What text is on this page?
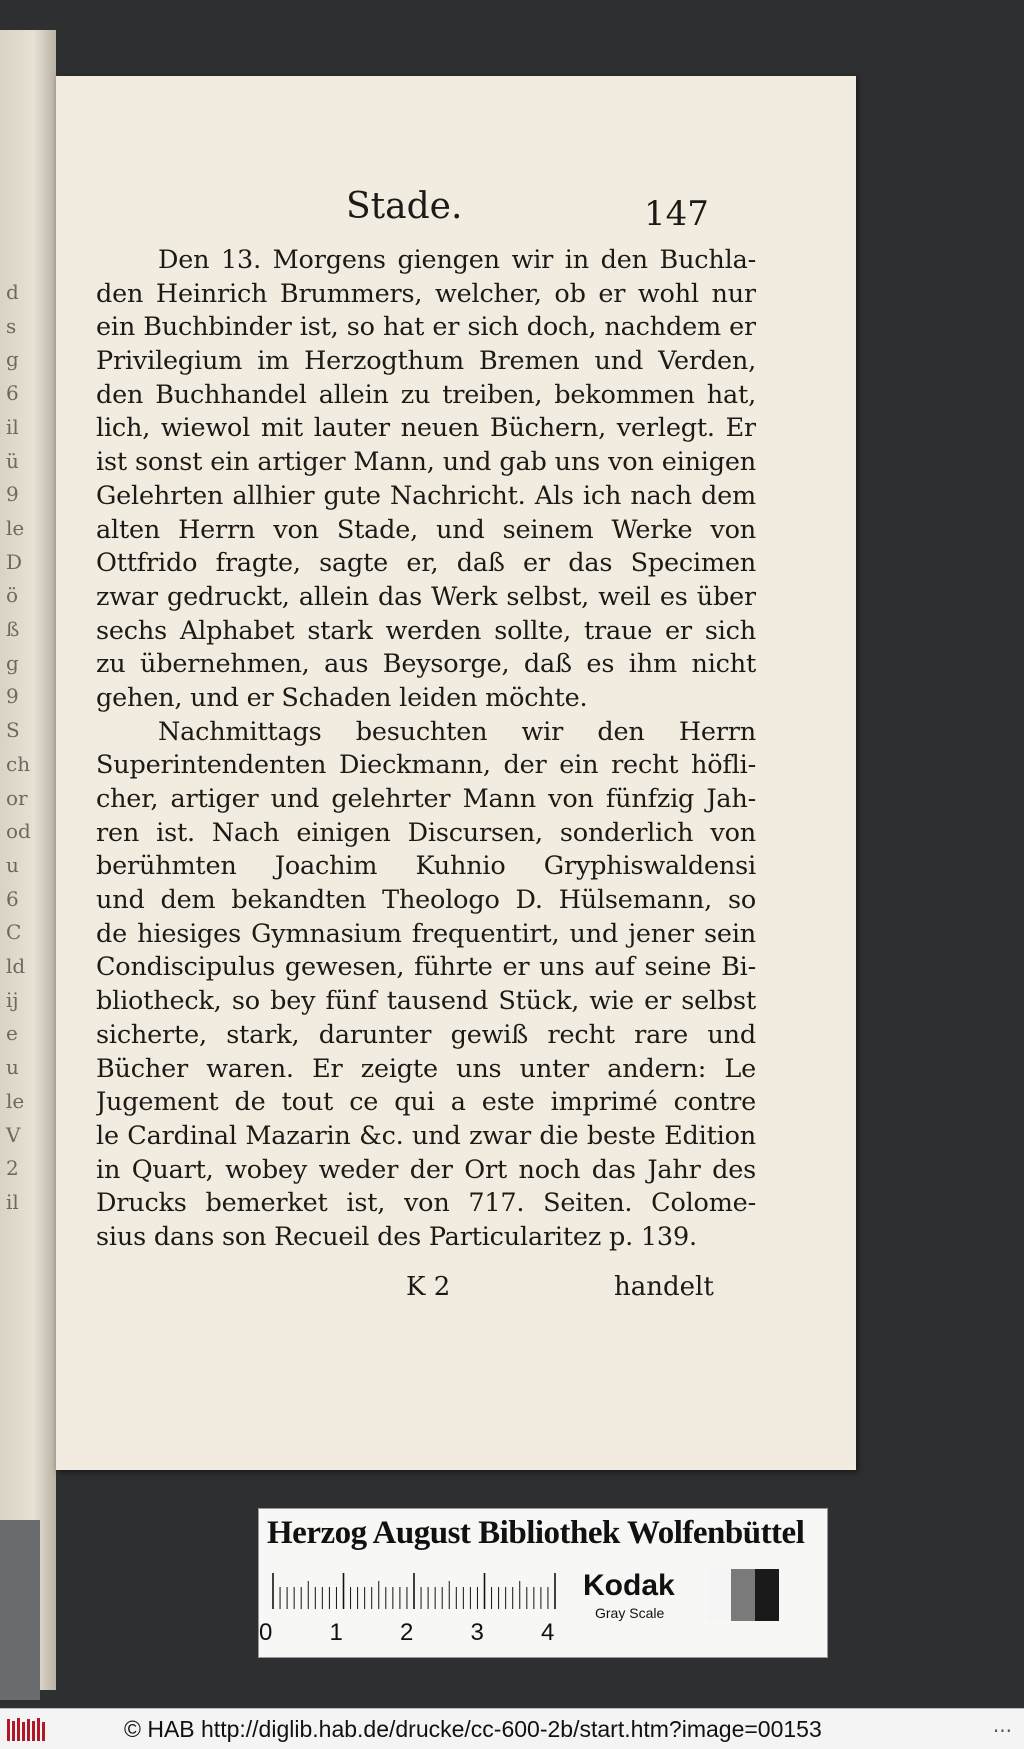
d
s
g
6
il
ü
9
le
D
ö
ß
g
9
S
ch
or
od
u
6
C
ld
ij
e
u
le
V
2
il
Stade.	147
Den 13. Morgens giengen wir in den Buchla-
den Heinrich Brummers, welcher, ob er wohl nur
ein Buchbinder ist, so hat er sich doch, nachdem er
Privilegium im Herzogthum Bremen und Verden,
den Buchhandel allein zu treiben, bekommen hat,
lich, wiewol mit lauter neuen Büchern, verlegt. Er
ist sonst ein artiger Mann, und gab uns von einigen
Gelehrten allhier gute Nachricht. Als ich nach dem
alten Herrn von Stade, und seinem Werke von
Ottfrido fragte, sagte er, daß er das Specimen
zwar gedruckt, allein das Werk selbst, weil es über
sechs Alphabet stark werden sollte, traue er sich
zu übernehmen, aus Beysorge, daß es ihm nicht
gehen, und er Schaden leiden möchte.
Nachmittags besuchten wir den Herrn
Superintendenten Dieckmann, der ein recht höfli-
cher, artiger und gelehrter Mann von fünfzig Jah-
ren ist. Nach einigen Discursen, sonderlich von
berühmten Joachim Kuhnio Gryphiswaldensi
und dem bekandten Theologo D. Hülsemann, so
de hiesiges Gymnasium frequentirt, und jener sein
Condiscipulus gewesen, führte er uns auf seine Bi-
bliotheck, so bey fünf tausend Stück, wie er selbst
sicherte, stark, darunter gewiß recht rare und
Bücher waren. Er zeigte uns unter andern: Le
Jugement de tout ce qui a este imprimé contre
le Cardinal Mazarin &c. und zwar die beste Edition
in Quart, wobey weder der Ort noch das Jahr des
Drucks bemerket ist, von 717. Seiten. Colome-
sius dans son Recueil des Particularitez p. 139.
K 2	handelt
Herzog August Bibliothek Wolfenbüttel
0 1 2 3 4
Kodak
Gray Scale
© HAB http://diglib.hab.de/drucke/cc-600-2b/start.htm?image=00153	...
